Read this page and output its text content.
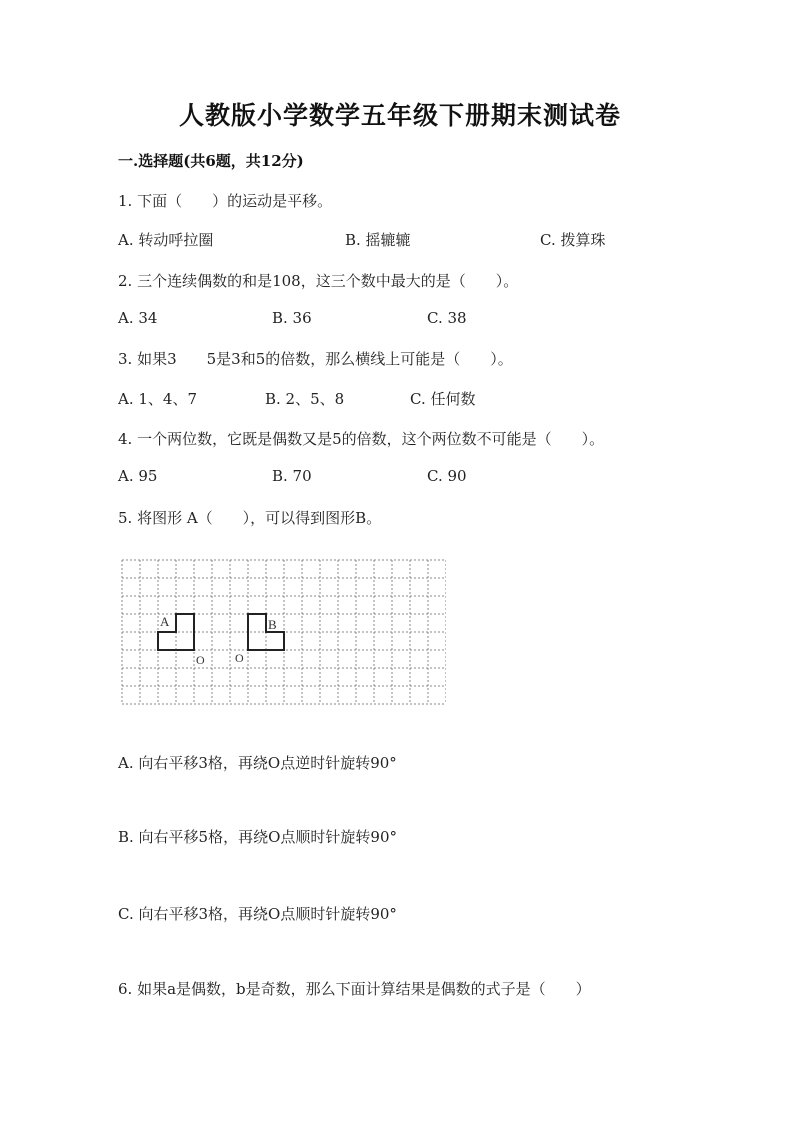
人教版小学数学五年级下册期末测试卷
一.选择题(共6题，共12分)
1. 下面（　　）的运动是平移。
A. 转动呼拉圈	B. 摇辘辘	C. 拨算珠
2. 三个连续偶数的和是108，这三个数中最大的是（　　）。
A. 34	B. 36	C. 38
3. 如果3　　5是3和5的倍数，那么横线上可能是（　　）。
A. 1、4、7	B. 2、5、8	C. 任何数
4. 一个两位数，它既是偶数又是5的倍数，这个两位数不可能是（　　）。
A. 95	B. 70	C. 90
5. 将图形 A（　　），可以得到图形B。
A	B
O	O
A. 向右平移3格，再绕O点逆时针旋转90°
B. 向右平移5格，再绕O点顺时针旋转90°
C. 向右平移3格，再绕O点顺时针旋转90°
6. 如果a是偶数，b是奇数，那么下面计算结果是偶数的式子是（　　）
